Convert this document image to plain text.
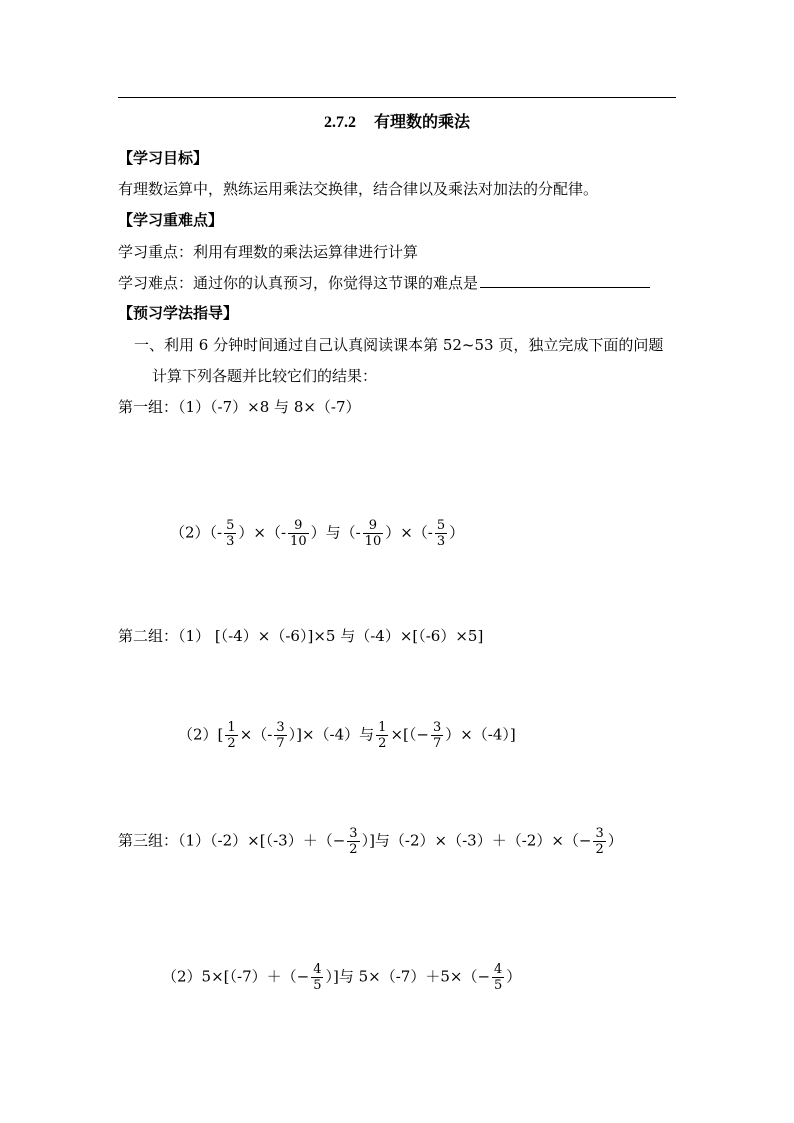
2.7.2 有理数的乘法
【学习目标】
有理数运算中，熟练运用乘法交换律，结合律以及乘法对加法的分配律。
【学习重难点】
学习重点：利用有理数的乘法运算律进行计算
学习难点：通过你的认真预习，你觉得这节课的难点是
【预习学法指导】
一、利用 6 分钟时间通过自己认真阅读课本第 52~53 页，独立完成下面的问题
计算下列各题并比较它们的结果：
第一组：（1）（-7）×8 与 8×（-7）
$(2)(- \frac{5}{3}$ ）×（- $\frac{9}{10}$ ）与（- $\frac{9}{10}$ ）×（- $\frac{5}{3}$ ）
第二组：（1） [（-4）×（-6）]×5 与（-4）×[（-6）×5]
$(2)[ \frac{1}{2}$ ×（- $\frac{3}{7} )]\times(-4)$与 $\frac{1}{2}$ ×[（− $\frac{3}{7} )\times(-4)$]
第三组：$(1)(-2)\times[(-3)+(- \frac{3}{2}$ ）]与$(-2)\times(-3)+(-2)\times(- \frac{3}{2}$ ）
$(2)5\times[(-7)+(- \frac{4}{5}$ ）]与 $5\times(-7)+5\times(- \frac{4}{5}$ ）
